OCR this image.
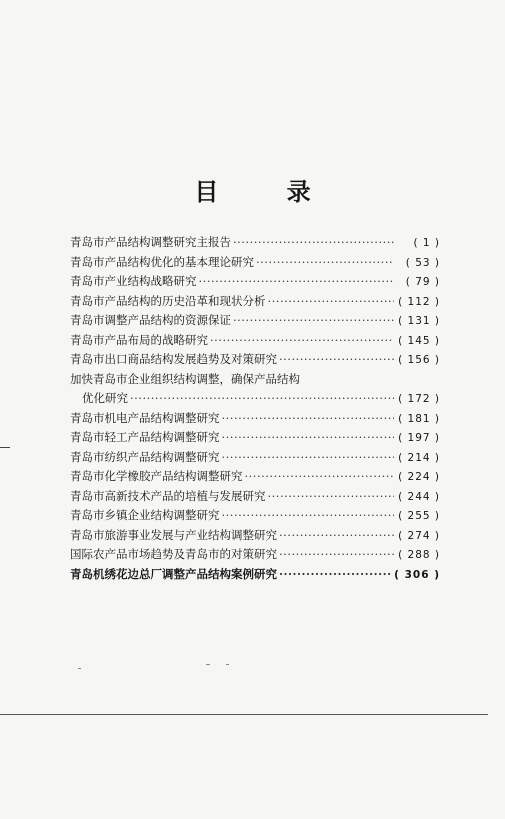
目 录
青岛市产品结构调整研究主报告 ·····	( 1 )
青岛市产品结构优化的基本理论研究 ·····	( 53 )
青岛市产业结构战略研究 ·····	( 79 )
青岛市产品结构的历史沿革和现状分析 ·····	( 112 )
青岛市调整产品结构的资源保证 ·····	( 131 )
青岛市产品布局的战略研究 ·····	( 145 )
青岛市出口商品结构发展趋势及对策研究 ·····	( 156 )
加快青岛市企业组织结构调整，确保产品结构
优化研究 ·····	( 172 )
青岛市机电产品结构调整研究 ·····	( 181 )
青岛市轻工产品结构调整研究 ·····	( 197 )
青岛市纺织产品结构调整研究 ·····	( 214 )
青岛市化学橡胶产品结构调整研究 ·····	( 224 )
青岛市高新技术产品的培植与发展研究 ·····	( 244 )
青岛市乡镇企业结构调整研究 ·····	( 255 )
青岛市旅游事业发展与产业结构调整研究 ·····	( 274 )
国际农产品市场趋势及青岛市的对策研究 ·····	( 288 )
青岛机绣花边总厂调整产品结构案例研究 ·····	( 306 )
